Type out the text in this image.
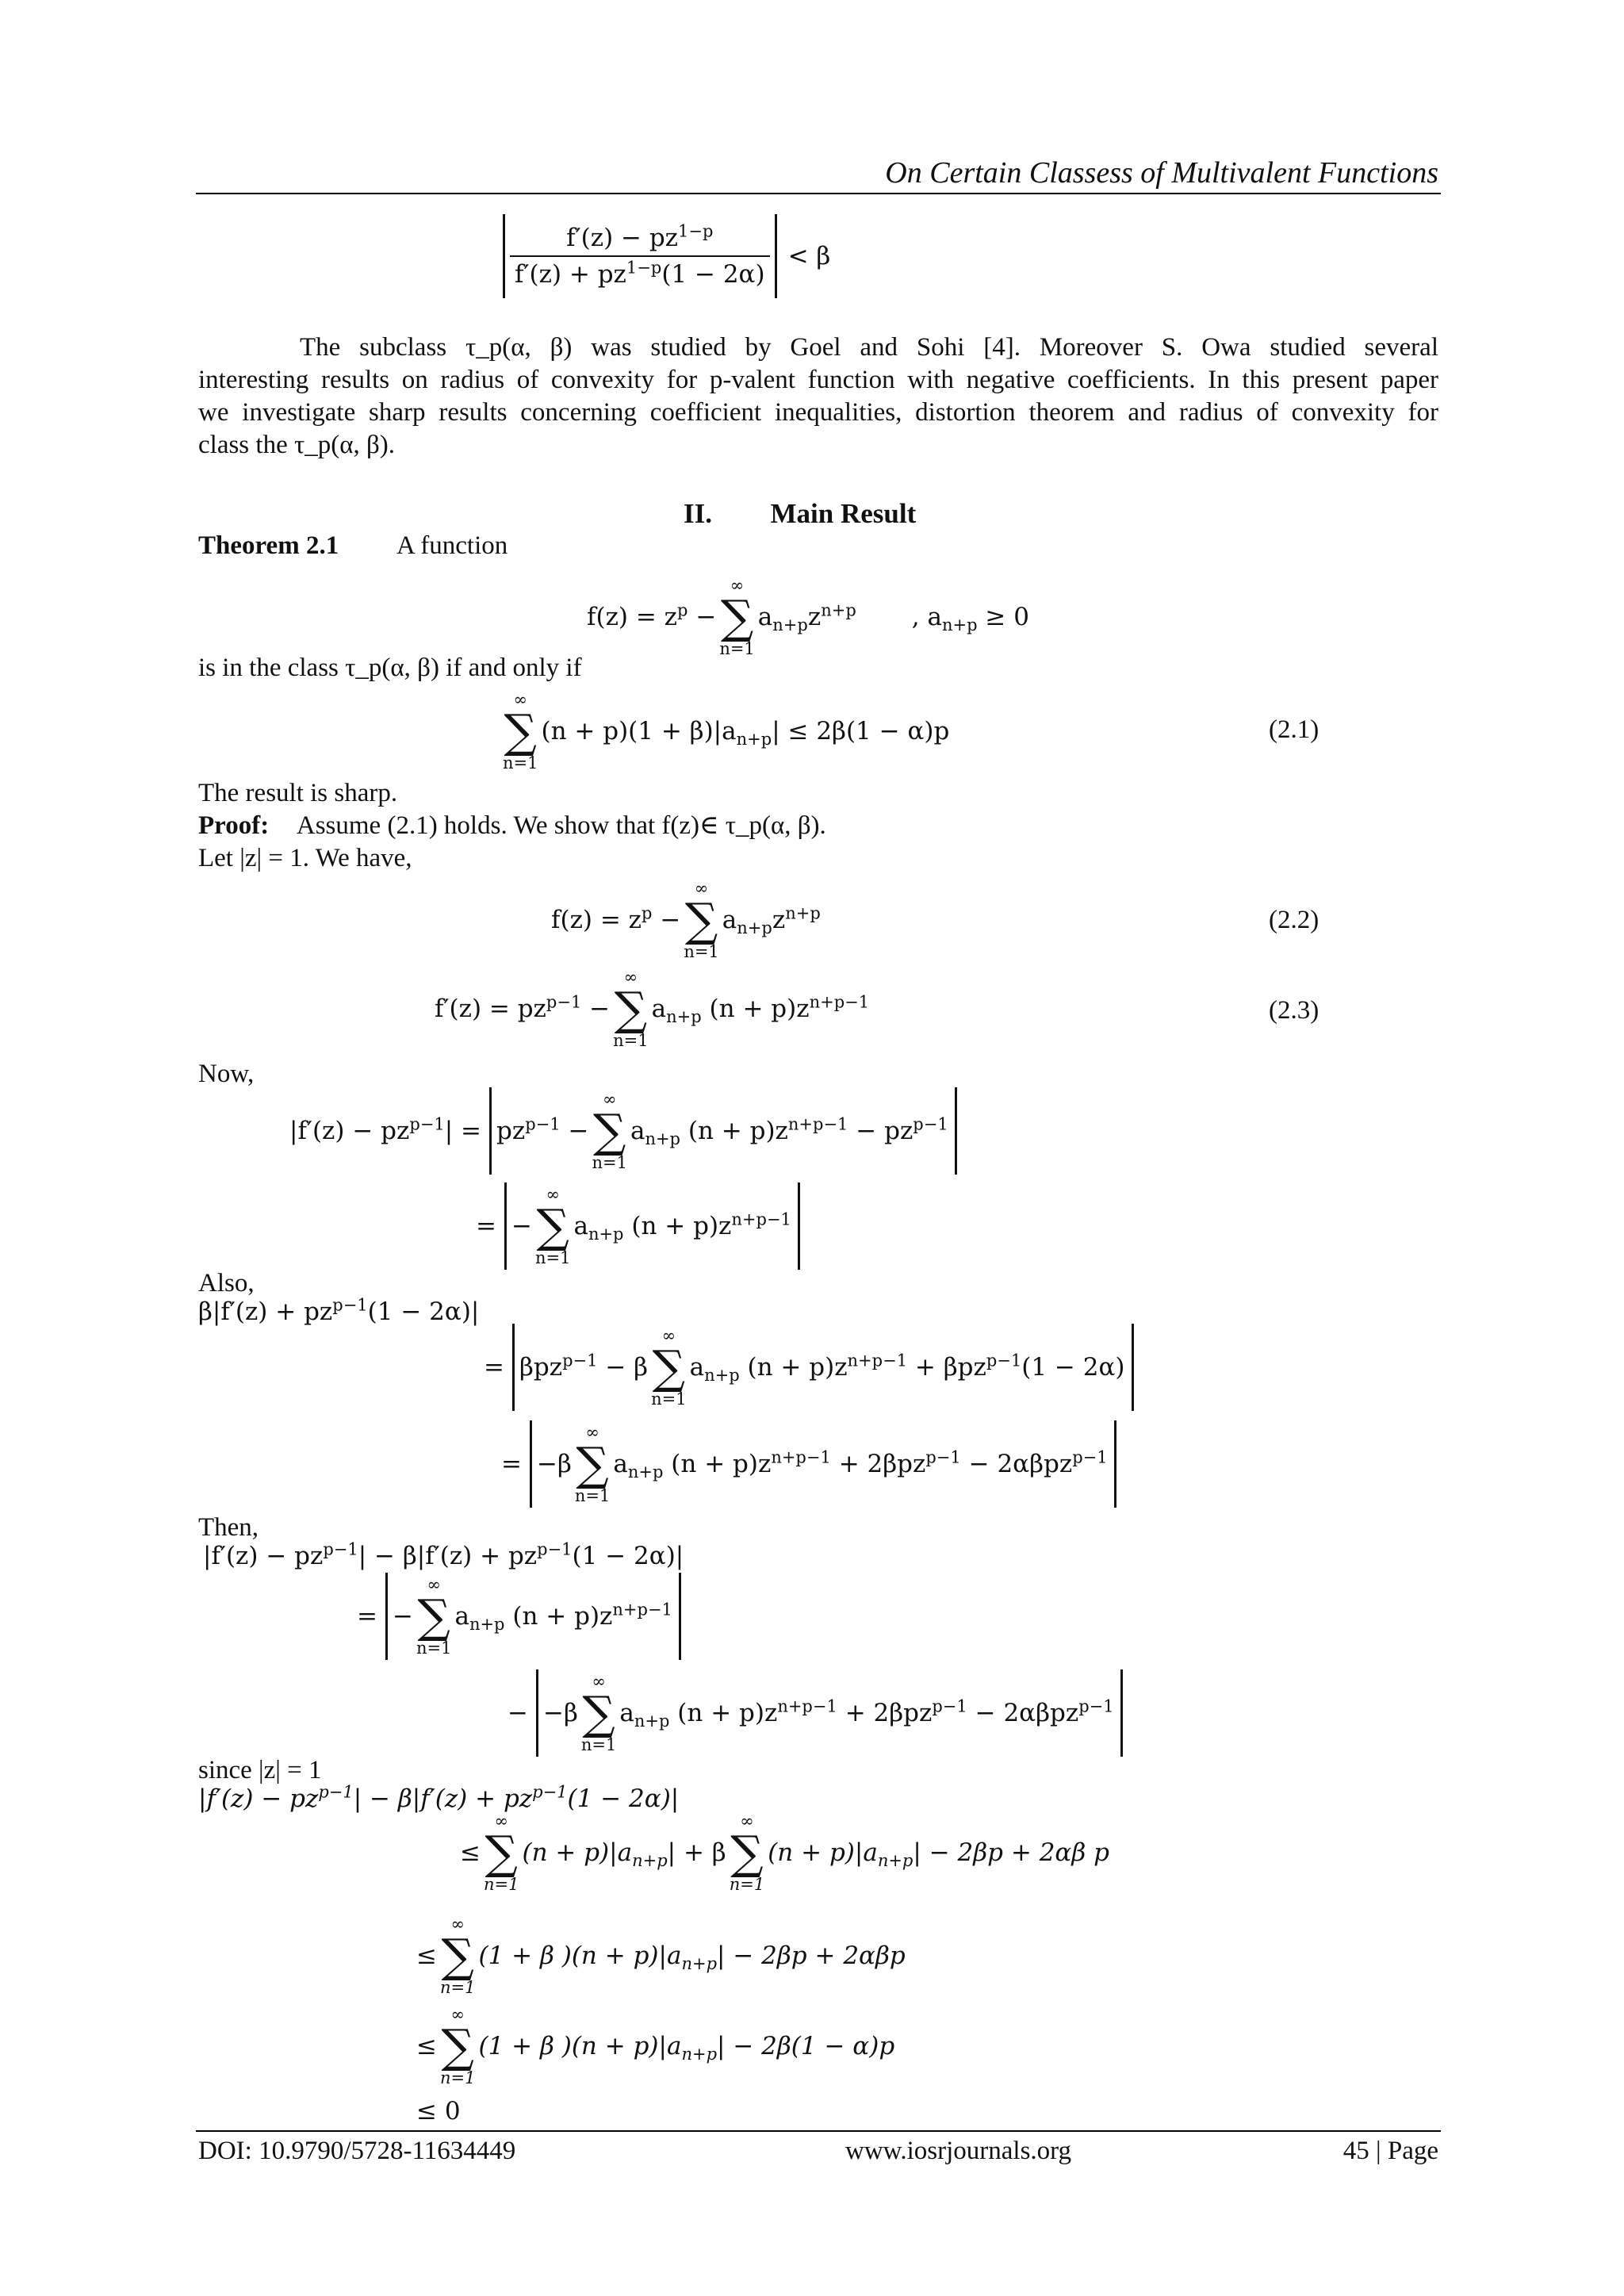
On Certain Classess of Multivalent Functions
$\frac{f'(z) - pz^{1-p}}{f'(z) + pz^{1-p}(1 - 2\alpha)} < \beta$
The subclass τ_p(α, β) was studied by Goel and Sohi [4]. Moreover S. Owa studied several
interesting results on radius of convexity for p-valent function with negative coefficients. In this present paper
we investigate sharp results concerning coefficient inequalities, distortion theorem and radius of convexity for
class the τ_p(α, β).
II. Main Result
Theorem 2.1 A function
$f(z) = z^p$ −
∞
∑
n=1
$a_{n+p}z^{n+p}$ , $a_{n+p} \ge 0$
is in the class τ_p(α, β) if and only if
∞
∑
n=1
$(n + p)(1 + \beta)|a_{n+p}| \le 2\beta(1 - \alpha)p$	(2.1)
The result is sharp.
Proof: Assume (2.1) holds. We show that f(z)∈ τ_p(α, β).
Let |z| = 1. We have,
$f(z) = z^p$ −
∞
∑
n=1
$a_{n+p}z^{n+p}$	(2.2)
$f'(z) = pz^{p-1}$ −
∞
∑
n=1
$a_{n+p}$ $(n + p)z^{n+p-1}$	(2.3)
Now,
$|f'(z) - pz^{p-1}| = pz^{p-1}$ −
∞
∑
n=1
$a_{n+p}$ $(n + p)z^{n+p-1} - pz^{p-1}$
= −
∞
∑
n=1
$a_{n+p}$ $(n + p)z^{n+p-1}$
Also,
$\beta|f'(z) + pz^{p-1}(1 - 2\alpha)|$
= βpz$^{p-1}$ − β
∞
∑
n=1
$a_{n+p}$ $(n + p)z^{n+p-1} + \beta pz^{p-1}(1 - 2\alpha)$
= −β
∞
∑
n=1
$a_{n+p}$ $(n + p)z^{n+p-1} + 2\beta pz^{p-1} - 2\alpha\beta pz^{p-1}$
Then,
$|f'(z) - pz^{p-1}| - \beta|f'(z) + pz^{p-1}(1 - 2\alpha)|$
= −
∞
∑
n=1
$a_{n+p}$ $(n + p)z^{n+p-1}$
− −β
∞
∑
n=1
$a_{n+p}$ $(n + p)z^{n+p-1} + 2\beta pz^{p-1} - 2\alpha\beta pz^{p-1}$
since |z| = 1
$|f'(z) - pz^{p-1}| - \beta|f'(z) + pz^{p-1}(1 - 2\alpha)|$
≤
∞
∑
n=1
$(n + p)|a_{n+p}| + \beta$
∞
∑
n=1
$(n + p)|a_{n+p}| - 2\beta p + 2\alpha\beta$ p
≤
∞
∑
n=1
(1 + β )$(n + p)|a_{n+p}| - 2\beta p + 2\alpha\beta p$
≤
∞
∑
n=1
(1 + β )$(n + p)|a_{n+p}| - 2\beta(1 - \alpha)p$
≤ 0
DOI: 10.9790/5728-11634449	www.iosrjournals.org	45 | Page
